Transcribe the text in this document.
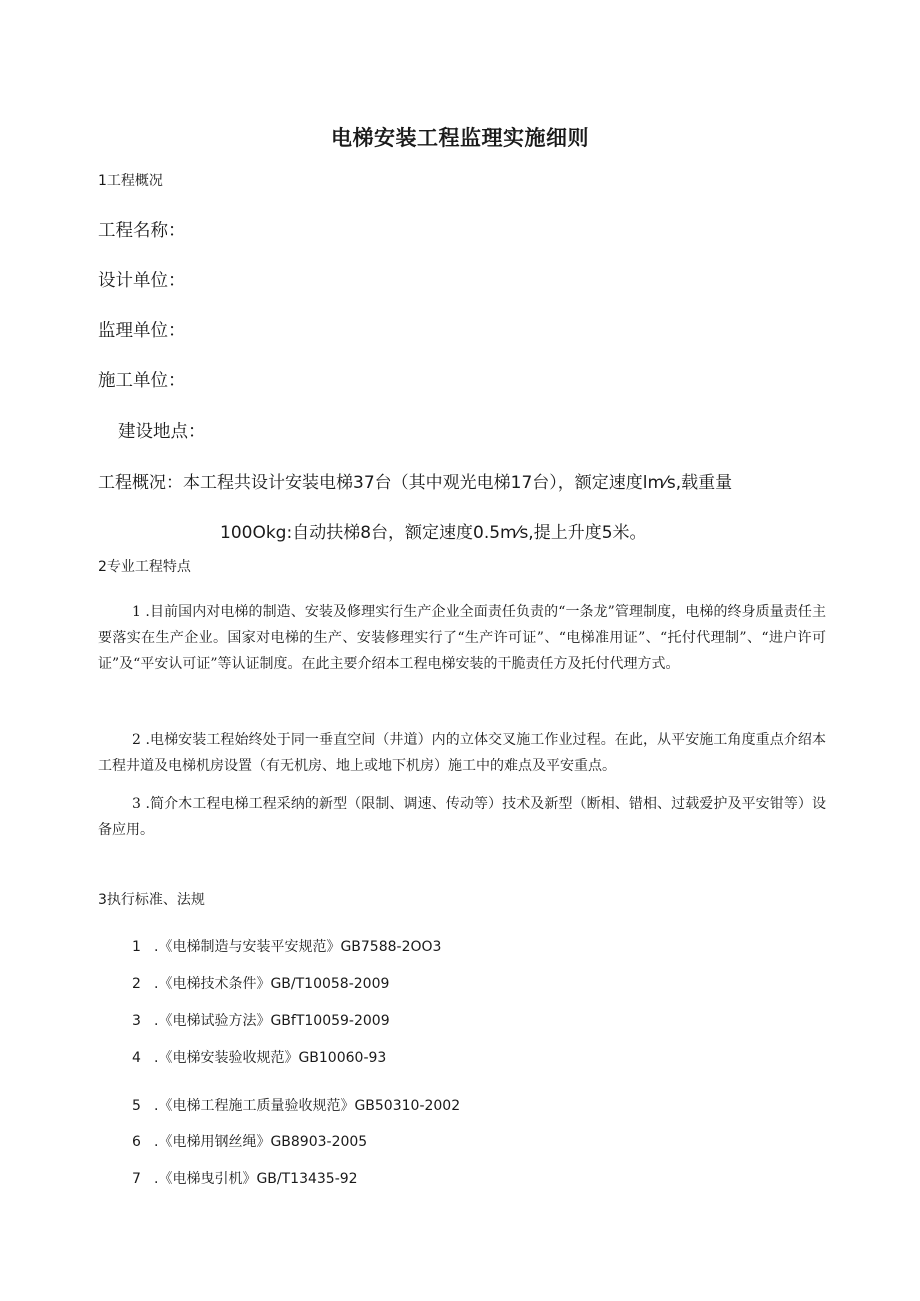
电梯安装工程监理实施细则
1工程概况
工程名称：
设计单位：
监理单位：
施工单位：
建设地点：
工程概况：本工程共设计安装电梯37台（其中观光电梯17台），额定速度lm⁄s,载重量
100Okg:自动扶梯8台，额定速度0.5m⁄s,提上升度5米。
2专业工程特点
1 .目前国内对电梯的制造、安装及修理实行生产企业全面责任负责的“一条龙”管理制度，电梯的终身质量责任主要落实在生产企业。国家对电梯的生产、安装修理实行了“生产许可证”、“电梯准用证”、“托付代理制”、“进户许可证”及“平安认可证”等认证制度。在此主要介绍本工程电梯安装的干脆责任方及托付代理方式。
2 .电梯安装工程始终处于同一垂直空间（井道）内的立体交叉施工作业过程。在此，从平安施工角度重点介绍本工程井道及电梯机房设置（有无机房、地上或地下机房）施工中的难点及平安重点。
3 .简介木工程电梯工程采纳的新型（限制、调速、传动等）技术及新型（断相、错相、过载爱护及平安钳等）设备应用。
3执行标准、法规
1 .《电梯制造与安装平安规范》GB7588-2OO3
2 .《电梯技术条件》GB/T10058-2009
3 .《电梯试验方法》GBfT10059-2009
4 .《电梯安装验收规范》GB10060-93
5 .《电梯工程施工质量验收规范》GB50310-2002
6 .《电梯用钢丝绳》GB8903-2005
7 .《电梯曳引机》GB/T13435-92
